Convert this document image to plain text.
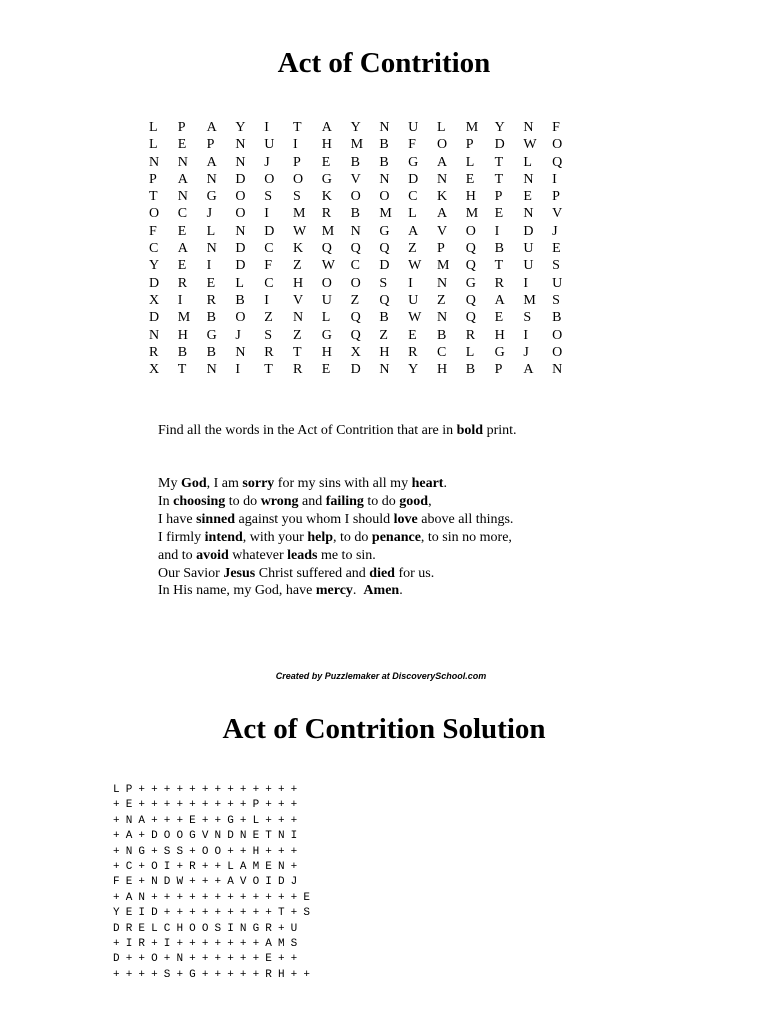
Act of Contrition
L	P	A	Y	I	T	A	Y	N	U	L	M	Y	N	F
L	E	P	N	U	I	H	M	B	F	O	P	D	W	O
N	N	A	N	J	P	E	B	B	G	A	L	T	L	Q
P	A	N	D	O	O	G	V	N	D	N	E	T	N	I
T	N	G	O	S	S	K	O	O	C	K	H	P	E	P
O	C	J	O	I	M	R	B	M	L	A	M	E	N	V
F	E	L	N	D	W	M	N	G	A	V	O	I	D	J
C	A	N	D	C	K	Q	Q	Q	Z	P	Q	B	U	E
Y	E	I	D	F	Z	W	C	D	W	M	Q	T	U	S
D	R	E	L	C	H	O	O	S	I	N	G	R	I	U
X	I	R	B	I	V	U	Z	Q	U	Z	Q	A	M	S
D	M	B	O	Z	N	L	Q	B	W	N	Q	E	S	B
N	H	G	J	S	Z	G	Q	Z	E	B	R	H	I	O
R	B	B	N	R	T	H	X	H	R	C	L	G	J	O
X	T	N	I	T	R	E	D	N	Y	H	B	P	A	N
Find all the words in the Act of Contrition that are in bold print.
My God, I am sorry for my sins with all my heart.
In choosing to do wrong and failing to do good,
I have sinned against you whom I should love above all things.
I firmly intend, with your help, to do penance, to sin no more,
and to avoid whatever leads me to sin.
Our Savior Jesus Christ suffered and died for us.
In His name, my God, have mercy.  Amen.
Created by Puzzlemaker at DiscoverySchool.com
Act of Contrition Solution
L	P	+	+	+	+	+	+	+	+	+	+	+	+	+	
+	E	+	+	+	+	+	+	+	+	+	P	+	+	+	
+	N	A	+	+	+	E	+	+	G	+	L	+	+	+	
+	A	+	D	O	O	G	V	N	D	N	E	T	N	I	
+	N	G	+	S	S	+	O	O	+	+	H	+	+	+	
+	C	+	O	I	+	R	+	+	L	A	M	E	N	+	
F	E	+	N	D	W	+	+	+	A	V	O	I	D	J	
+	A	N	+	+	+	+	+	+	+	+	+	+	+	+	E
Y	E	I	D	+	+	+	+	+	+	+	+	+	T	+	S
D	R	E	L	C	H	O	O	S	I	N	G	R	+	U	
+	I	R	+	I	+	+	+	+	+	+	+	A	M	S	
D	+	+	O	+	N	+	+	+	+	+	+	E	+	+	
+	+	+	+	S	+	G	+	+	+	+	+	R	H	+	+
